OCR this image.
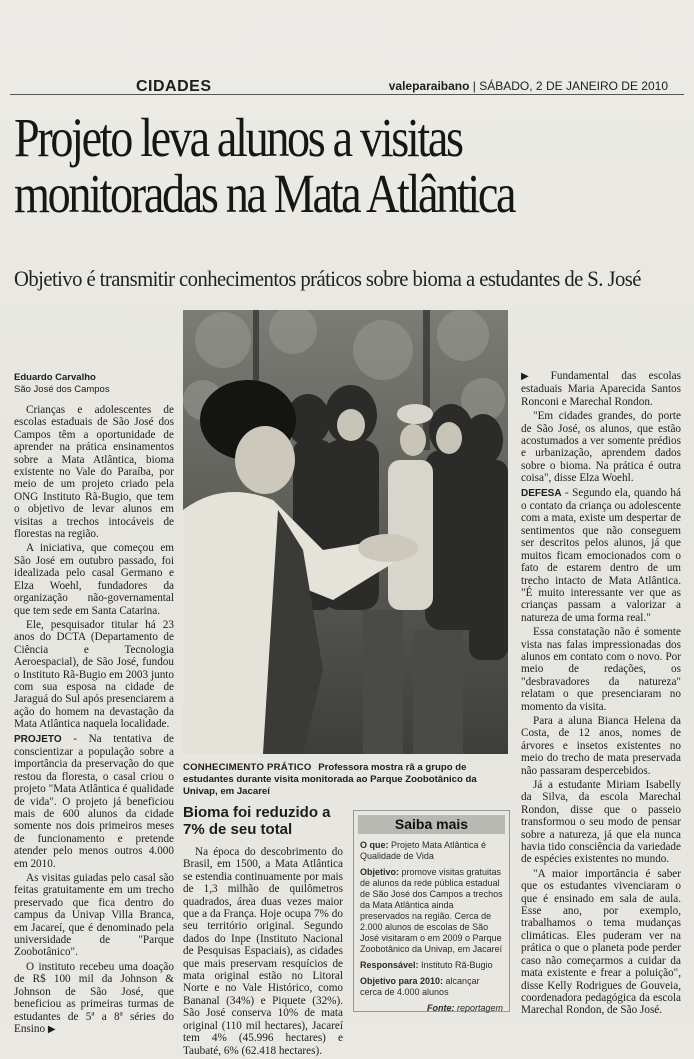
CIDADES	valeparaibano | SÁBADO, 2 DE JANEIRO DE 2010
Projeto leva alunos a visitas
monitoradas na Mata Atlântica
Objetivo é transmitir conhecimentos práticos sobre bioma a estudantes de S. José
Eduardo Carvalho
São José dos Campos

Crianças e adolescentes de escolas estaduais de São José dos Campos têm a oportunidade de aprender na prática ensinamentos sobre a Mata Atlântica, bioma existente no Vale do Paraíba, por meio de um projeto criado pela ONG Instituto Rã-Bugio, que tem o objetivo de levar alunos em visitas a trechos intocáveis de florestas na região.

A iniciativa, que começou em São José em outubro passado, foi idealizada pelo casal Germano e Elza Woehl, fundadores da organização não-governamental que tem sede em Santa Catarina.

Ele, pesquisador titular há 23 anos do DCTA (Departamento de Ciência e Tecnologia Aeroespacial), de São José, fundou o Instituto Rã-Bugio em 2003 junto com sua esposa na cidade de Jaraguá do Sul após presenciarem a ação do homem na devastação da Mata Atlântica naquela localidade.

PROJETO - Na tentativa de conscientizar a população sobre a importância da preservação do que restou da floresta, o casal criou o projeto "Mata Atlântica é qualidade de vida". O projeto já beneficiou mais de 600 alunos da cidade somente nos dois primeiros meses de funcionamento e pretende atender pelo menos outros 4.000 em 2010.

As visitas guiadas pelo casal são feitas gratuitamente em um trecho preservado que fica dentro do campus da Univap Villa Branca, em Jacareí, que é denominado pela universidade de "Parque Zoobotânico".

O instituto recebeu uma doação de R$ 100 mil da Johnson & Johnson de São José, que beneficiou as primeiras turmas de estudantes de 5ª a 8ª séries do Ensino ▶

CONHECIMENTO PRÁTICO Professora mostra rã a grupo de estudantes durante visita monitorada ao Parque Zoobotânico da Univap, em Jacareí
Bioma foi reduzido a 7% de seu total

Na época do descobrimento do Brasil, em 1500, a Mata Atlântica se estendia continuamente por mais de 1,3 milhão de quilômetros quadrados, área duas vezes maior que a da França. Hoje ocupa 7% do seu território original. Segundo dados do Inpe (Instituto Nacional de Pesquisas Espaciais), as cidades que mais preservam resquícios de mata original estão no Litoral Norte e no Vale Histórico, como Bananal (34%) e Piquete (32%). São José conserva 10% de mata original (110 mil hectares), Jacareí tem 4% (45.996 hectares) e Taubaté, 6% (62.418 hectares).

Saiba mais

O que: Projeto Mata Atlântica é Qualidade de Vida

Objetivo: promove visitas gratuitas de alunos da rede pública estadual de São José dos Campos a trechos da Mata Atlântica ainda preservados na região. Cerca de 2.000 alunos de escolas de São José visitaram o em 2009 o Parque Zoobotânico da Univap, em Jacareí

Responsável: Instituto Rã-Bugio

Objetivo para 2010: alcançar cerca de 4.000 alunos

Fonte: reportagem

▶ Fundamental das escolas estaduais Maria Aparecida Santos Ronconi e Marechal Rondon.

"Em cidades grandes, do porte de São José, os alunos, que estão acostumados a ver somente prédios e urbanização, aprendem dados sobre o bioma. Na prática é outra coisa", disse Elza Woehl.

DEFESA - Segundo ela, quando há o contato da criança ou adolescente com a mata, existe um despertar de sentimentos que não conseguem ser descritos pelos alunos, já que muitos ficam emocionados com o fato de estarem dentro de um trecho intacto de Mata Atlântica. "É muito interessante ver que as crianças passam a valorizar a natureza de uma forma real."

Essa constatação não é somente vista nas falas impressionadas dos alunos em contato com o novo. Por meio de redações, os "desbravadores da natureza" relatam o que presenciaram no momento da visita.

Para a aluna Bianca Helena da Costa, de 12 anos, nomes de árvores e insetos existentes no meio do trecho de mata preservada não passaram despercebidos.

Já a estudante Miriam Isabelly da Silva, da escola Marechal Rondon, disse que o passeio transformou o seu modo de pensar sobre a natureza, já que ela nunca havia tido consciência da variedade de espécies existentes no mundo.

"A maior importância é saber que os estudantes vivenciaram o que é ensinado em sala de aula. Esse ano, por exemplo, trabalhamos o tema mudanças climáticas. Eles puderam ver na prática o que o planeta pode perder caso não começarmos a cuidar da mata existente e frear a poluição", disse Kelly Rodrigues de Gouveia, coordenadora pedagógica da escola Marechal Rondon, de São José.
